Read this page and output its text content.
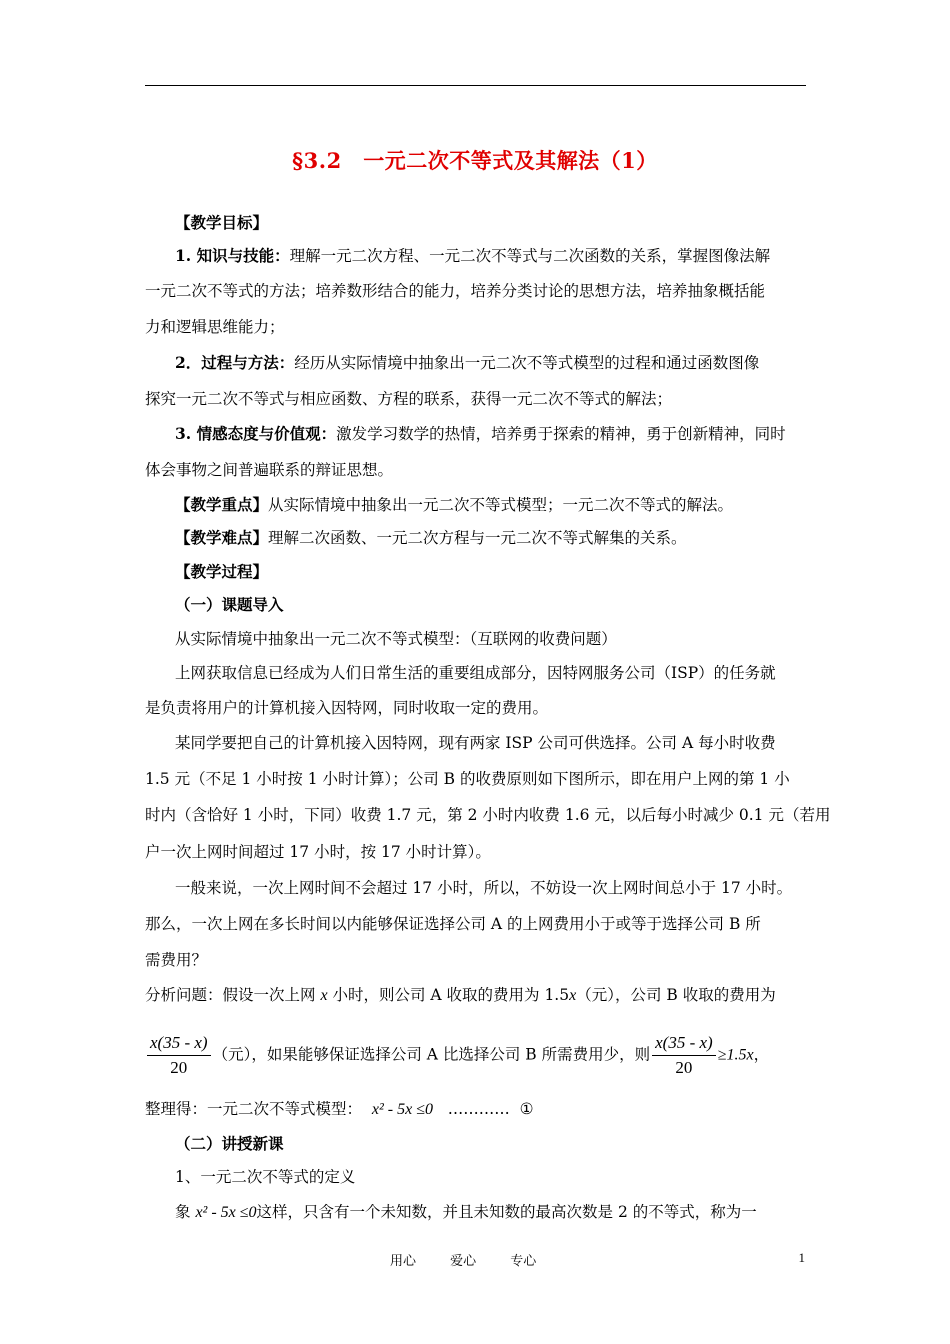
§3.2　一元二次不等式及其解法（1）
【教学目标】
1. 知识与技能：理解一元二次方程、一元二次不等式与二次函数的关系，掌握图像法解
一元二次不等式的方法；培养数形结合的能力，培养分类讨论的思想方法，培养抽象概括能
力和逻辑思维能力；
2．过程与方法：经历从实际情境中抽象出一元二次不等式模型的过程和通过函数图像
探究一元二次不等式与相应函数、方程的联系，获得一元二次不等式的解法；
3. 情感态度与价值观：激发学习数学的热情，培养勇于探索的精神，勇于创新精神，同时
体会事物之间普遍联系的辩证思想。
【教学重点】从实际情境中抽象出一元二次不等式模型；一元二次不等式的解法。
【教学难点】理解二次函数、一元二次方程与一元二次不等式解集的关系。
【教学过程】
（一）课题导入
从实际情境中抽象出一元二次不等式模型：（互联网的收费问题）
上网获取信息已经成为人们日常生活的重要组成部分，因特网服务公司（ISP）的任务就
是负责将用户的计算机接入因特网，同时收取一定的费用。
某同学要把自己的计算机接入因特网，现有两家 ISP 公司可供选择。公司 A 每小时收费
1.5 元（不足 1 小时按 1 小时计算）；公司 B 的收费原则如下图所示，即在用户上网的第 1 小
时内（含恰好 1 小时，下同）收费 1.7 元，第 2 小时内收费 1.6 元，以后每小时减少 0.1 元（若用
户一次上网时间超过 17 小时，按 17 小时计算）。
一般来说，一次上网时间不会超过 17 小时，所以，不妨设一次上网时间总小于 17 小时。
那么，一次上网在多长时间以内能够保证选择公司 A 的上网费用小于或等于选择公司 B 所
需费用？
分析问题：假设一次上网 x 小时，则公司 A 收取的费用为 1.5x（元），公司 B 收取的费用为
$\frac{x(35 - x)}{20}$ （元），如果能够保证选择公司 A 比选择公司 B 所需费用少，则 $\frac{x(35 - x)}{20} \ge 1.5x$，
整理得：一元二次不等式模型： x² - 5x ≤0 ………… ①
（二）讲授新课
1、一元二次不等式的定义
象 x² - 5x ≤0这样，只含有一个未知数，并且未知数的最高次数是 2 的不等式，称为一
用心 爱心 专心	1
